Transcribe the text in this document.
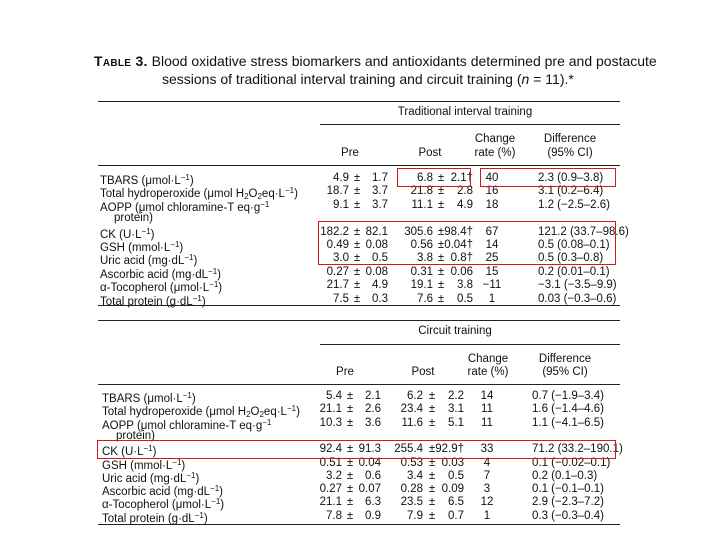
Table 3. Blood oxidative stress biomarkers and antioxidants determined pre and postacute
sessions of traditional interval training and circuit training (n = 11).*
Traditional interval training
Pre	Post
Change
rate (%)
Difference
(95% CI)
TBARS $(\mu mol\cdot L^{-1})$	4.9 ±	1.7	6.8 ± 2.1†	40	2.3 (0.9–3.8)
Total hydroperoxide (μmol $H_2O_2eq\cdot L^{-1}$)	18.7 ±	3.7	21.8 ±	2.8	16	3.1 (0.2–6.4)
AOPP (μmol chloramine-T $eq\cdot g^{-1}$	9.1 ±	3.7	11.1 ±	4.9	18	1.2 (−2.5–2.6)
protein)
CK $(U\cdot L^{-1})$	182.2 ± 82.1	305.6 ± 98.4†	67	121.2 (33.7–98.6)
GSH $(mmol\cdot L^{-1})$	0.49 ± 0.08	0.56 ± 0.04†	14	0.5 (0.08–0.1)
Uric acid $(mg\cdot dL^{-1})$	3.0 ±	0.5	3.8 ± 0.8†	25	0.5 (0.3–0.8)
Ascorbic acid $(mg\cdot dL^{-1})$	0.27 ± 0.08	0.31 ± 0.06	15	0.2 (0.01–0.1)
α-Tocopherol $(\mu mol\cdot L^{-1})$	21.7 ±	4.9	19.1 ±	3.8 −11	−3.1 (−3.5–9.9)
Total protein $(g\cdot dL^{-1})$	7.5 ±	0.3	7.6 ±	0.5	1	0.03 (−0.3–0.6)
Circuit training
Pre	Post
Change
rate (%)
Difference
(95% CI)
TBARS $(\mu mol\cdot L^{-1})$	5.4 ±	2.1	6.2 ±	2.2	14	0.7 (−1.9–3.4)
Total hydroperoxide (μmol $H_2O_2eq\cdot L^{-1}$)	21.1 ±	2.6	23.4 ±	3.1	11	1.6 (−1.4–4.6)
AOPP (μmol chloramine-T $eq\cdot g^{-1}$	10.3 ±	3.6	11.6 ±	5.1	11	1.1 (−4.1–6.5)
protein)
CK $(U\cdot L^{-1})$	92.4 ± 91.3	255.4 ± 92.9†	33	71.2 (33.2–190.1)
GSH $(mmol\cdot L^{-1})$	0.51 ± 0.04	0.53 ± 0.03	4	0.1 (−0.02–0.1)
Uric acid $(mg\cdot dL^{-1})$	3.2 ±	0.6	3.4 ±	0.5	7	0.2 (0.1–0.3)
Ascorbic acid $(mg\cdot dL^{-1})$	0.27 ± 0.07	0.28 ± 0.09	3	0.1 (−0.1–0.1)
α-Tocopherol $(\mu mol\cdot L^{-1})$	21.1 ±	6.3	23.5 ±	6.5	12	2.9 (−2.3–7.2)
Total protein $(g\cdot dL^{-1})$	7.8 ±	0.9	7.9 ±	0.7	1	0.3 (−0.3–0.4)
